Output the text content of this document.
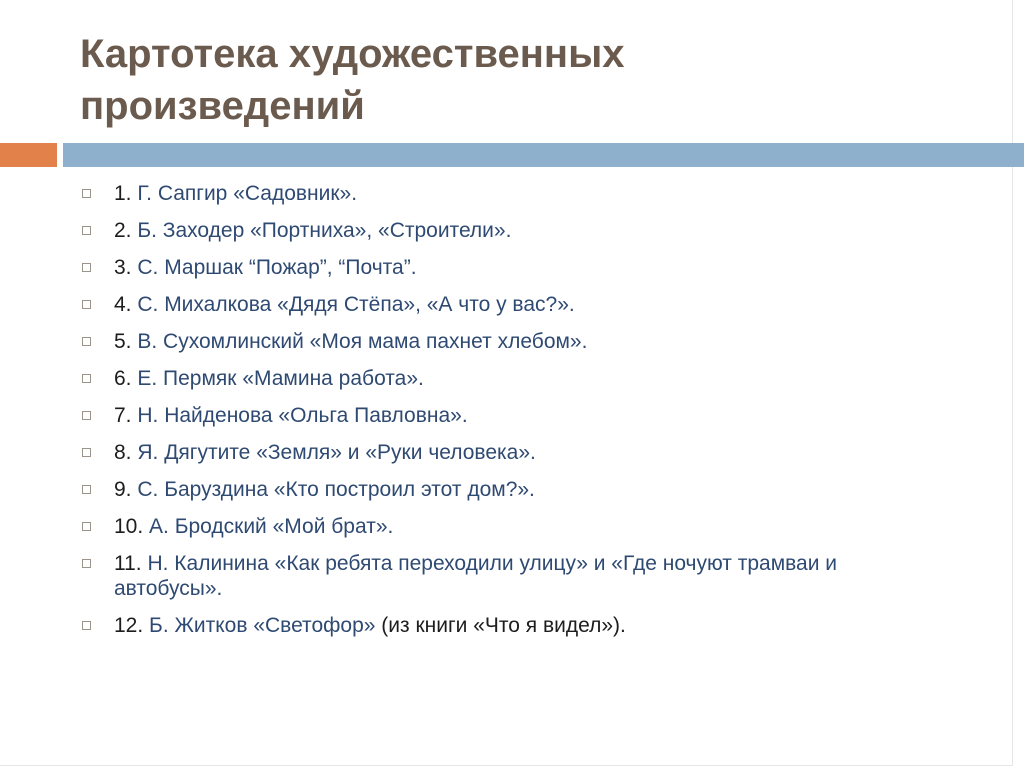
Картотека художественных
произведений
1. Г. Сапгир «Садовник».
2. Б. Заходер «Портниха», «Строители».
3. С. Маршак “Пожар”, “Почта”.
4. С. Михалкова «Дядя Стёпа», «А что у вас?».
5. В. Сухомлинский «Моя мама пахнет хлебом».
6. Е. Пермяк «Мамина работа».
7. Н. Найденова «Ольга Павловна».
8. Я. Дягутите «Земля» и «Руки человека».
9. С. Баруздина «Кто построил этот дом?».
10. А. Бродский «Мой брат».
11. Н. Калинина «Как ребята переходили улицу» и «Где ночуют трамваи и автобусы».
12. Б. Житков «Светофор» (из книги «Что я видел»).
